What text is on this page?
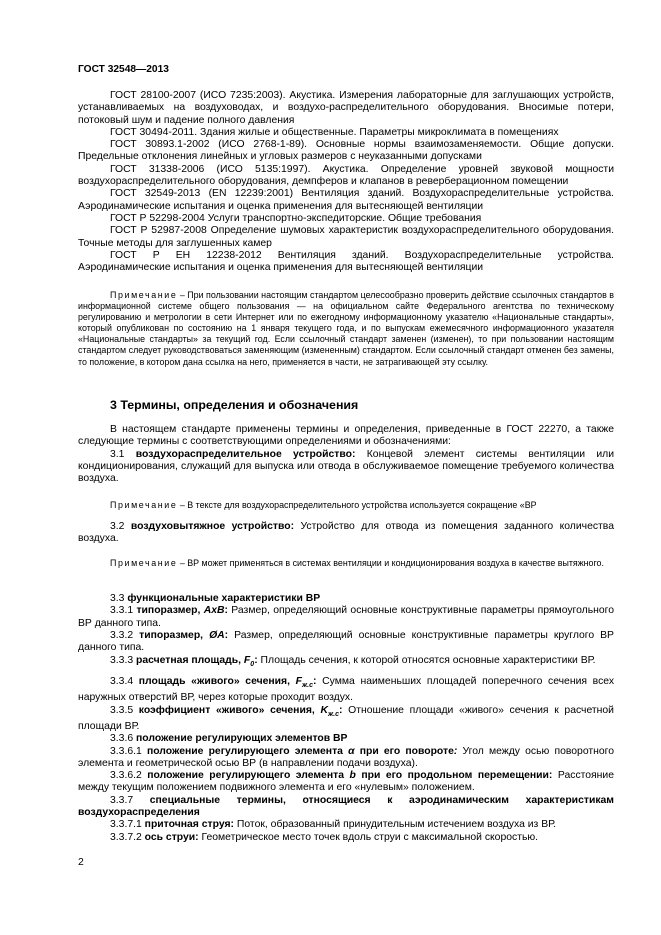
ГОСТ 32548—2013

ГОСТ 28100-2007 (ИСО 7235:2003). Акустика. Измерения лабораторные для заглушающих устройств, устанавливаемых на воздуховодах, и воздухо-распределительного оборудования. Вносимые потери, потоковый шум и падение полного давления

ГОСТ 30494-2011. Здания жилые и общественные. Параметры микроклимата в помещениях

ГОСТ 30893.1-2002 (ИСО 2768-1-89). Основные нормы взаимозаменяемости. Общие допуски. Предельные отклонения линейных и угловых размеров с неуказанными допусками

ГОСТ 31338-2006 (ИСО 5135:1997). Акустика. Определение уровней звуковой мощности воздухораспределительного оборудования, демпферов и клапанов в реверберационном помещении

ГОСТ 32549-2013 (EN 12239:2001) Вентиляция зданий. Воздухораспределительные устройства. Аэродинамические испытания и оценка применения для вытесняющей вентиляции

ГОСТ Р 52298-2004 Услуги транспортно-экспедиторские. Общие требования

ГОСТ Р 52987-2008 Определение шумовых характеристик воздухораспределительного оборудования. Точные методы для заглушенных камер

ГОСТ Р ЕН 12238-2012 Вентиляция зданий. Воздухораспределительные устройства. Аэродинамические испытания и оценка применения для вытесняющей вентиляции

Примечание – При пользовании настоящим стандартом целесообразно проверить действие ссылочных стандартов в информационной системе общего пользования — на официальном сайте Федерального агентства по техническому регулированию и метрологии в сети Интернет или по ежегодному информационному указателю «Национальные стандарты», который опубликован по состоянию на 1 января текущего года, и по выпускам ежемесячного информационного указателя «Национальные стандарты» за текущий год. Если ссылочный стандарт заменен (изменен), то при пользовании настоящим стандартом следует руководствоваться заменяющим (измененным) стандартом. Если ссылочный стандарт отменен без замены, то положение, в котором дана ссылка на него, применяется в части, не затрагивающей эту ссылку.

3 Термины, определения и обозначения

В настоящем стандарте применены термины и определения, приведенные в ГОСТ 22270, а также следующие термины с соответствующими определениями и обозначениями:

3.1 воздухораспределительное устройство: Концевой элемент системы вентиляции или кондиционирования, служащий для выпуска или отвода в обслуживаемое помещение требуемого количества воздуха.

Примечание – В тексте для воздухораспределительного устройства используется сокращение «ВР

3.2 воздуховытяжное устройство: Устройство для отвода из помещения заданного количества воздуха.

Примечание – ВР может применяться в системах вентиляции и кондиционирования воздуха в качестве вытяжного.

3.3 функциональные характеристики ВР

3.3.1 типоразмер, AxB: Размер, определяющий основные конструктивные параметры прямоугольного ВР данного типа.

3.3.2 типоразмер, ØA: Размер, определяющий основные конструктивные параметры круглого ВР данного типа.

3.3.3 расчетная площадь, $F_0$: Площадь сечения, к которой относятся основные характеристики ВР.

3.3.4 площадь «живого» сечения, $F_{ж.с}$: Сумма наименьших площадей поперечного сечения всех наружных отверстий ВР, через которые проходит воздух.

3.3.5 коэффициент «живого» сечения, $K_{ж.с}$: Отношение площади «живого» сечения к расчетной площади ВР.

3.3.6 положение регулирующих элементов ВР

3.3.6.1 положение регулирующего элемента α при его повороте: Угол между осью поворотного элемента и геометрической осью ВР (в направлении подачи воздуха).

3.3.6.2 положение регулирующего элемента b при его продольном перемещении: Расстояние между текущим положением подвижного элемента и его «нулевым» положением.

3.3.7 специальные термины, относящиеся к аэродинамическим характеристикам воздухораспределения

3.3.7.1 приточная струя: Поток, образованный принудительным истечением воздуха из ВР.

3.3.7.2 ось струи: Геометрическое место точек вдоль струи с максимальной скоростью.

2
